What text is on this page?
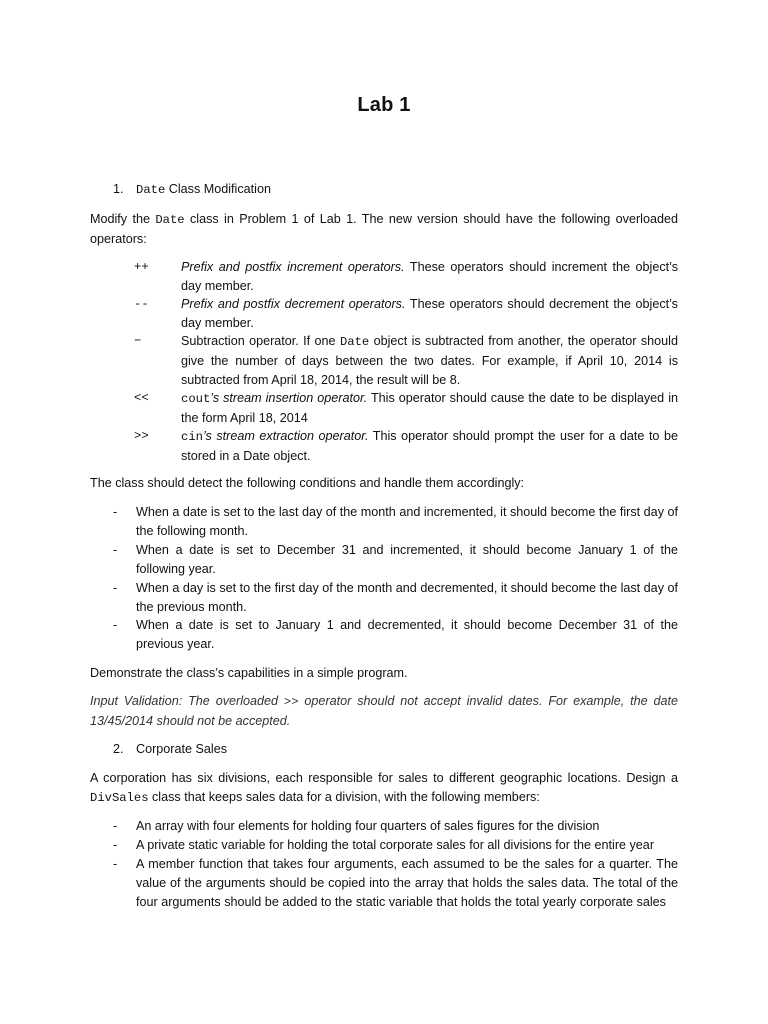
Lab 1
1. Date Class Modification
Modify the Date class in Problem 1 of Lab 1. The new version should have the following overloaded operators:
++	Prefix and postfix increment operators. These operators should increment the object’s day member.
--	Prefix and postfix decrement operators. These operators should decrement the object’s day member.
−	Subtraction operator. If one Date object is subtracted from another, the operator should give the number of days between the two dates. For example, if April 10, 2014 is subtracted from April 18, 2014, the result will be 8.
<<	cout’s stream insertion operator. This operator should cause the date to be displayed in the form April 18, 2014
>>	cin’s stream extraction operator. This operator should prompt the user for a date to be stored in a Date object.
The class should detect the following conditions and handle them accordingly:
- When a date is set to the last day of the month and incremented, it should become the first day of the following month.
- When a date is set to December 31 and incremented, it should become January 1 of the following year.
- When a day is set to the first day of the month and decremented, it should become the last day of the previous month.
- When a date is set to January 1 and decremented, it should become December 31 of the previous year.
Demonstrate the class’s capabilities in a simple program.
Input Validation: The overloaded >> operator should not accept invalid dates. For example, the date 13/45/2014 should not be accepted.
2. Corporate Sales
A corporation has six divisions, each responsible for sales to different geographic locations. Design a DivSales class that keeps sales data for a division, with the following members:
- An array with four elements for holding four quarters of sales figures for the division
- A private static variable for holding the total corporate sales for all divisions for the entire year
- A member function that takes four arguments, each assumed to be the sales for a quarter. The value of the arguments should be copied into the array that holds the sales data. The total of the four arguments should be added to the static variable that holds the total yearly corporate sales
